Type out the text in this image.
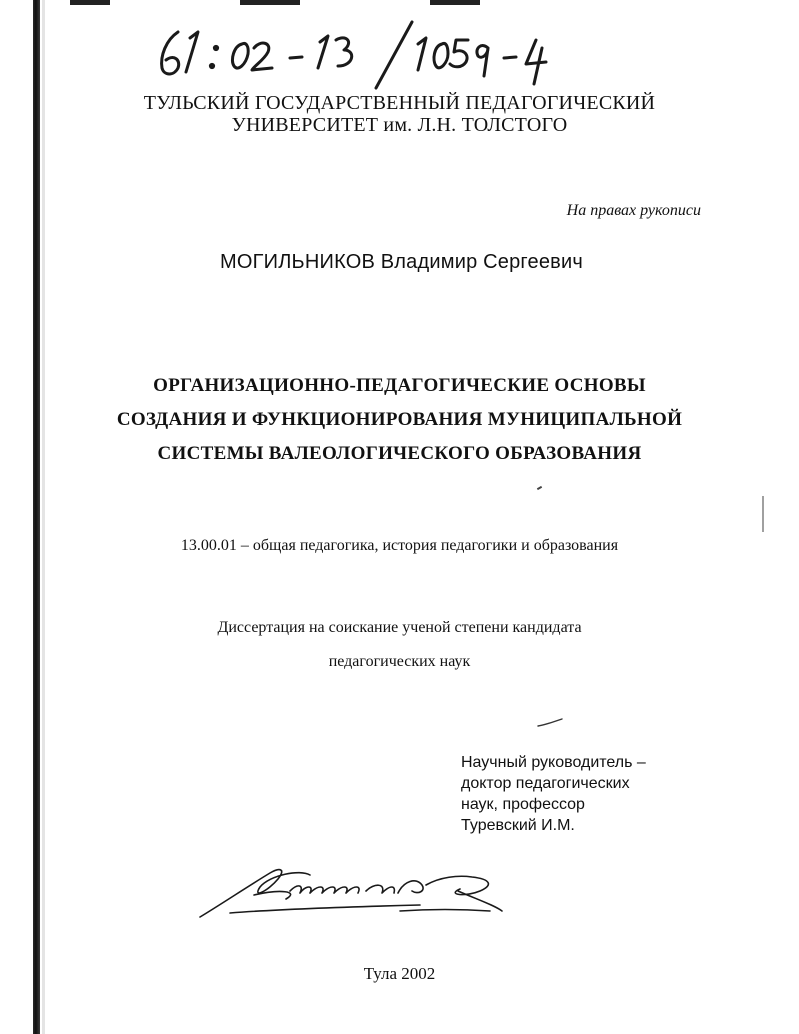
ТУЛЬСКИЙ ГОСУДАРСТВЕННЫЙ ПЕДАГОГИЧЕСКИЙ
УНИВЕРСИТЕТ им. Л.Н. ТОЛСТОГО
На правах рукописи
МОГИЛЬНИКОВ Владимир Сергеевич
ОРГАНИЗАЦИОННО-ПЕДАГОГИЧЕСКИЕ ОСНОВЫ
СОЗДАНИЯ И ФУНКЦИОНИРОВАНИЯ МУНИЦИПАЛЬНОЙ
СИСТЕМЫ ВАЛЕОЛОГИЧЕСКОГО ОБРАЗОВАНИЯ
13.00.01 – общая педагогика, история педагогики и образования
Диссертация на соискание ученой степени кандидата
педагогических наук
Научный руководитель –
доктор педагогических
наук, профессор
Туревский И.М.
Тула 2002
